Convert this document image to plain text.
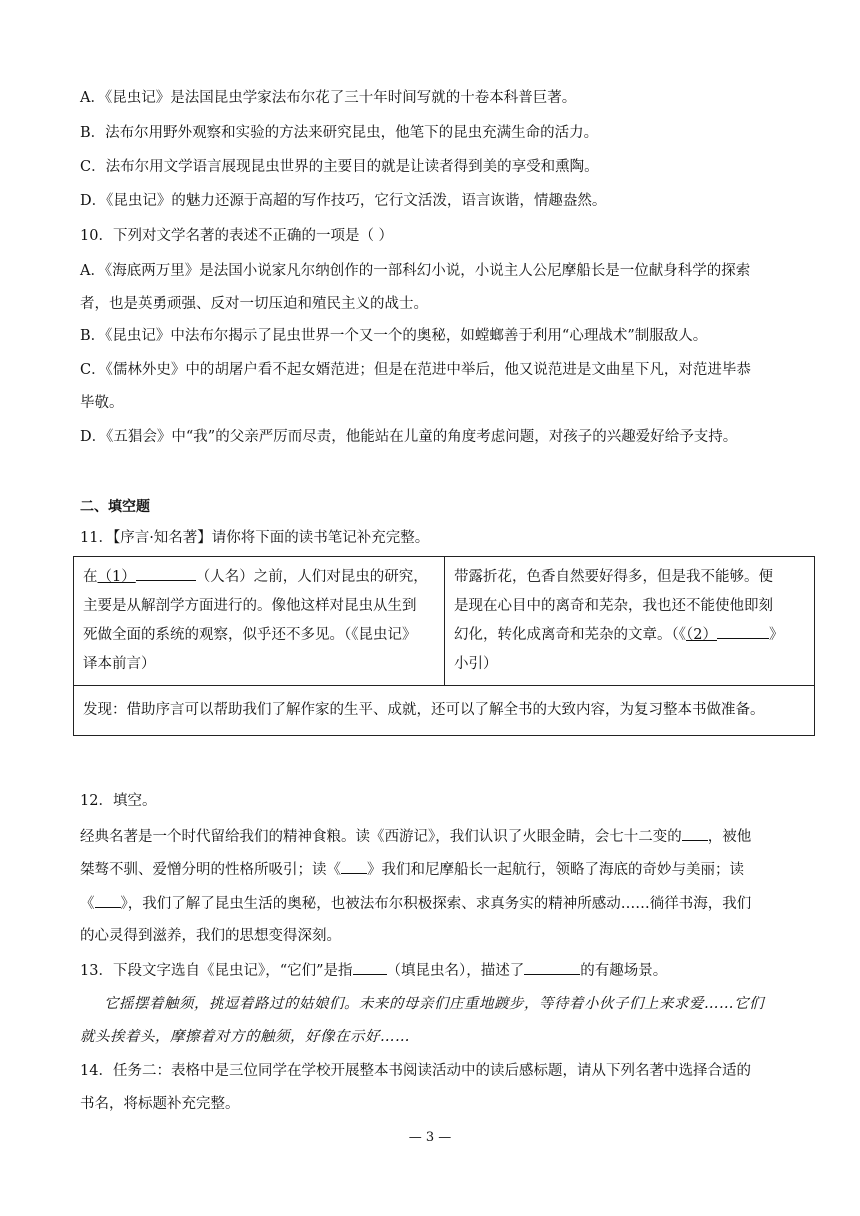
A．《昆虫记》是法国昆虫学家法布尔花了三十年时间写就的十卷本科普巨著。
B．法布尔用野外观察和实验的方法来研究昆虫，他笔下的昆虫充满生命的活力。
C．法布尔用文学语言展现昆虫世界的主要目的就是让读者得到美的享受和熏陶。
D．《昆虫记》的魅力还源于高超的写作技巧，它行文活泼，语言诙谐，情趣盎然。
10．下列对文学名著的表述不正确的一项是（ ）
A．《海底两万里》是法国小说家凡尔纳创作的一部科幻小说，小说主人公尼摩船长是一位献身科学的探索
者，也是英勇顽强、反对一切压迫和殖民主义的战士。
B．《昆虫记》中法布尔揭示了昆虫世界一个又一个的奥秘，如螳螂善于利用“心理战术”制服敌人。
C．《儒林外史》中的胡屠户看不起女婿范进；但是在范进中举后，他又说范进是文曲星下凡，对范进毕恭
毕敬。
D．《五猖会》中“我”的父亲严厉而尽责，他能站在儿童的角度考虑问题，对孩子的兴趣爱好给予支持。
二、填空题
11．【序言·知名著】请你将下面的读书笔记补充完整。
在（1）	（人名）之前，人们对昆虫的研究，
主要是从解剖学方面进行的。像他这样对昆虫从生到
死做全面的系统的观察，似乎还不多见。（《昆虫记》
译本前言）

带露折花，色香自然要好得多，但是我不能够。便
是现在心目中的离奇和芜杂，我也还不能使他即刻
幻化，转化成离奇和芜杂的文章。（《（2）	》
小引）

发现：借助序言可以帮助我们了解作家的生平、成就，还可以了解全书的大致内容，为复习整本书做准备。
12．填空。
经典名著是一个时代留给我们的精神食粮。读《西游记》，我们认识了火眼金睛，会七十二变的 ，被他
桀骜不驯、爱憎分明的性格所吸引；读《 》我们和尼摩船长一起航行，领略了海底的奇妙与美丽；读
《 》，我们了解了昆虫生活的奥秘，也被法布尔积极探索、求真务实的精神所感动……徜徉书海，我们
的心灵得到滋养，我们的思想变得深刻。
13．下段文字选自《昆虫记》，“它们”是指 （填昆虫名），描述了	的有趣场景。
它摇摆着触须，挑逗着路过的姑娘们。未来的母亲们庄重地踱步，等待着小伙子们上来求爱……它们
就头挨着头，摩擦着对方的触须，好像在示好……
14．任务二：表格中是三位同学在学校开展整本书阅读活动中的读后感标题，请从下列名著中选择合适的
书名，将标题补充完整。
— 3 —
